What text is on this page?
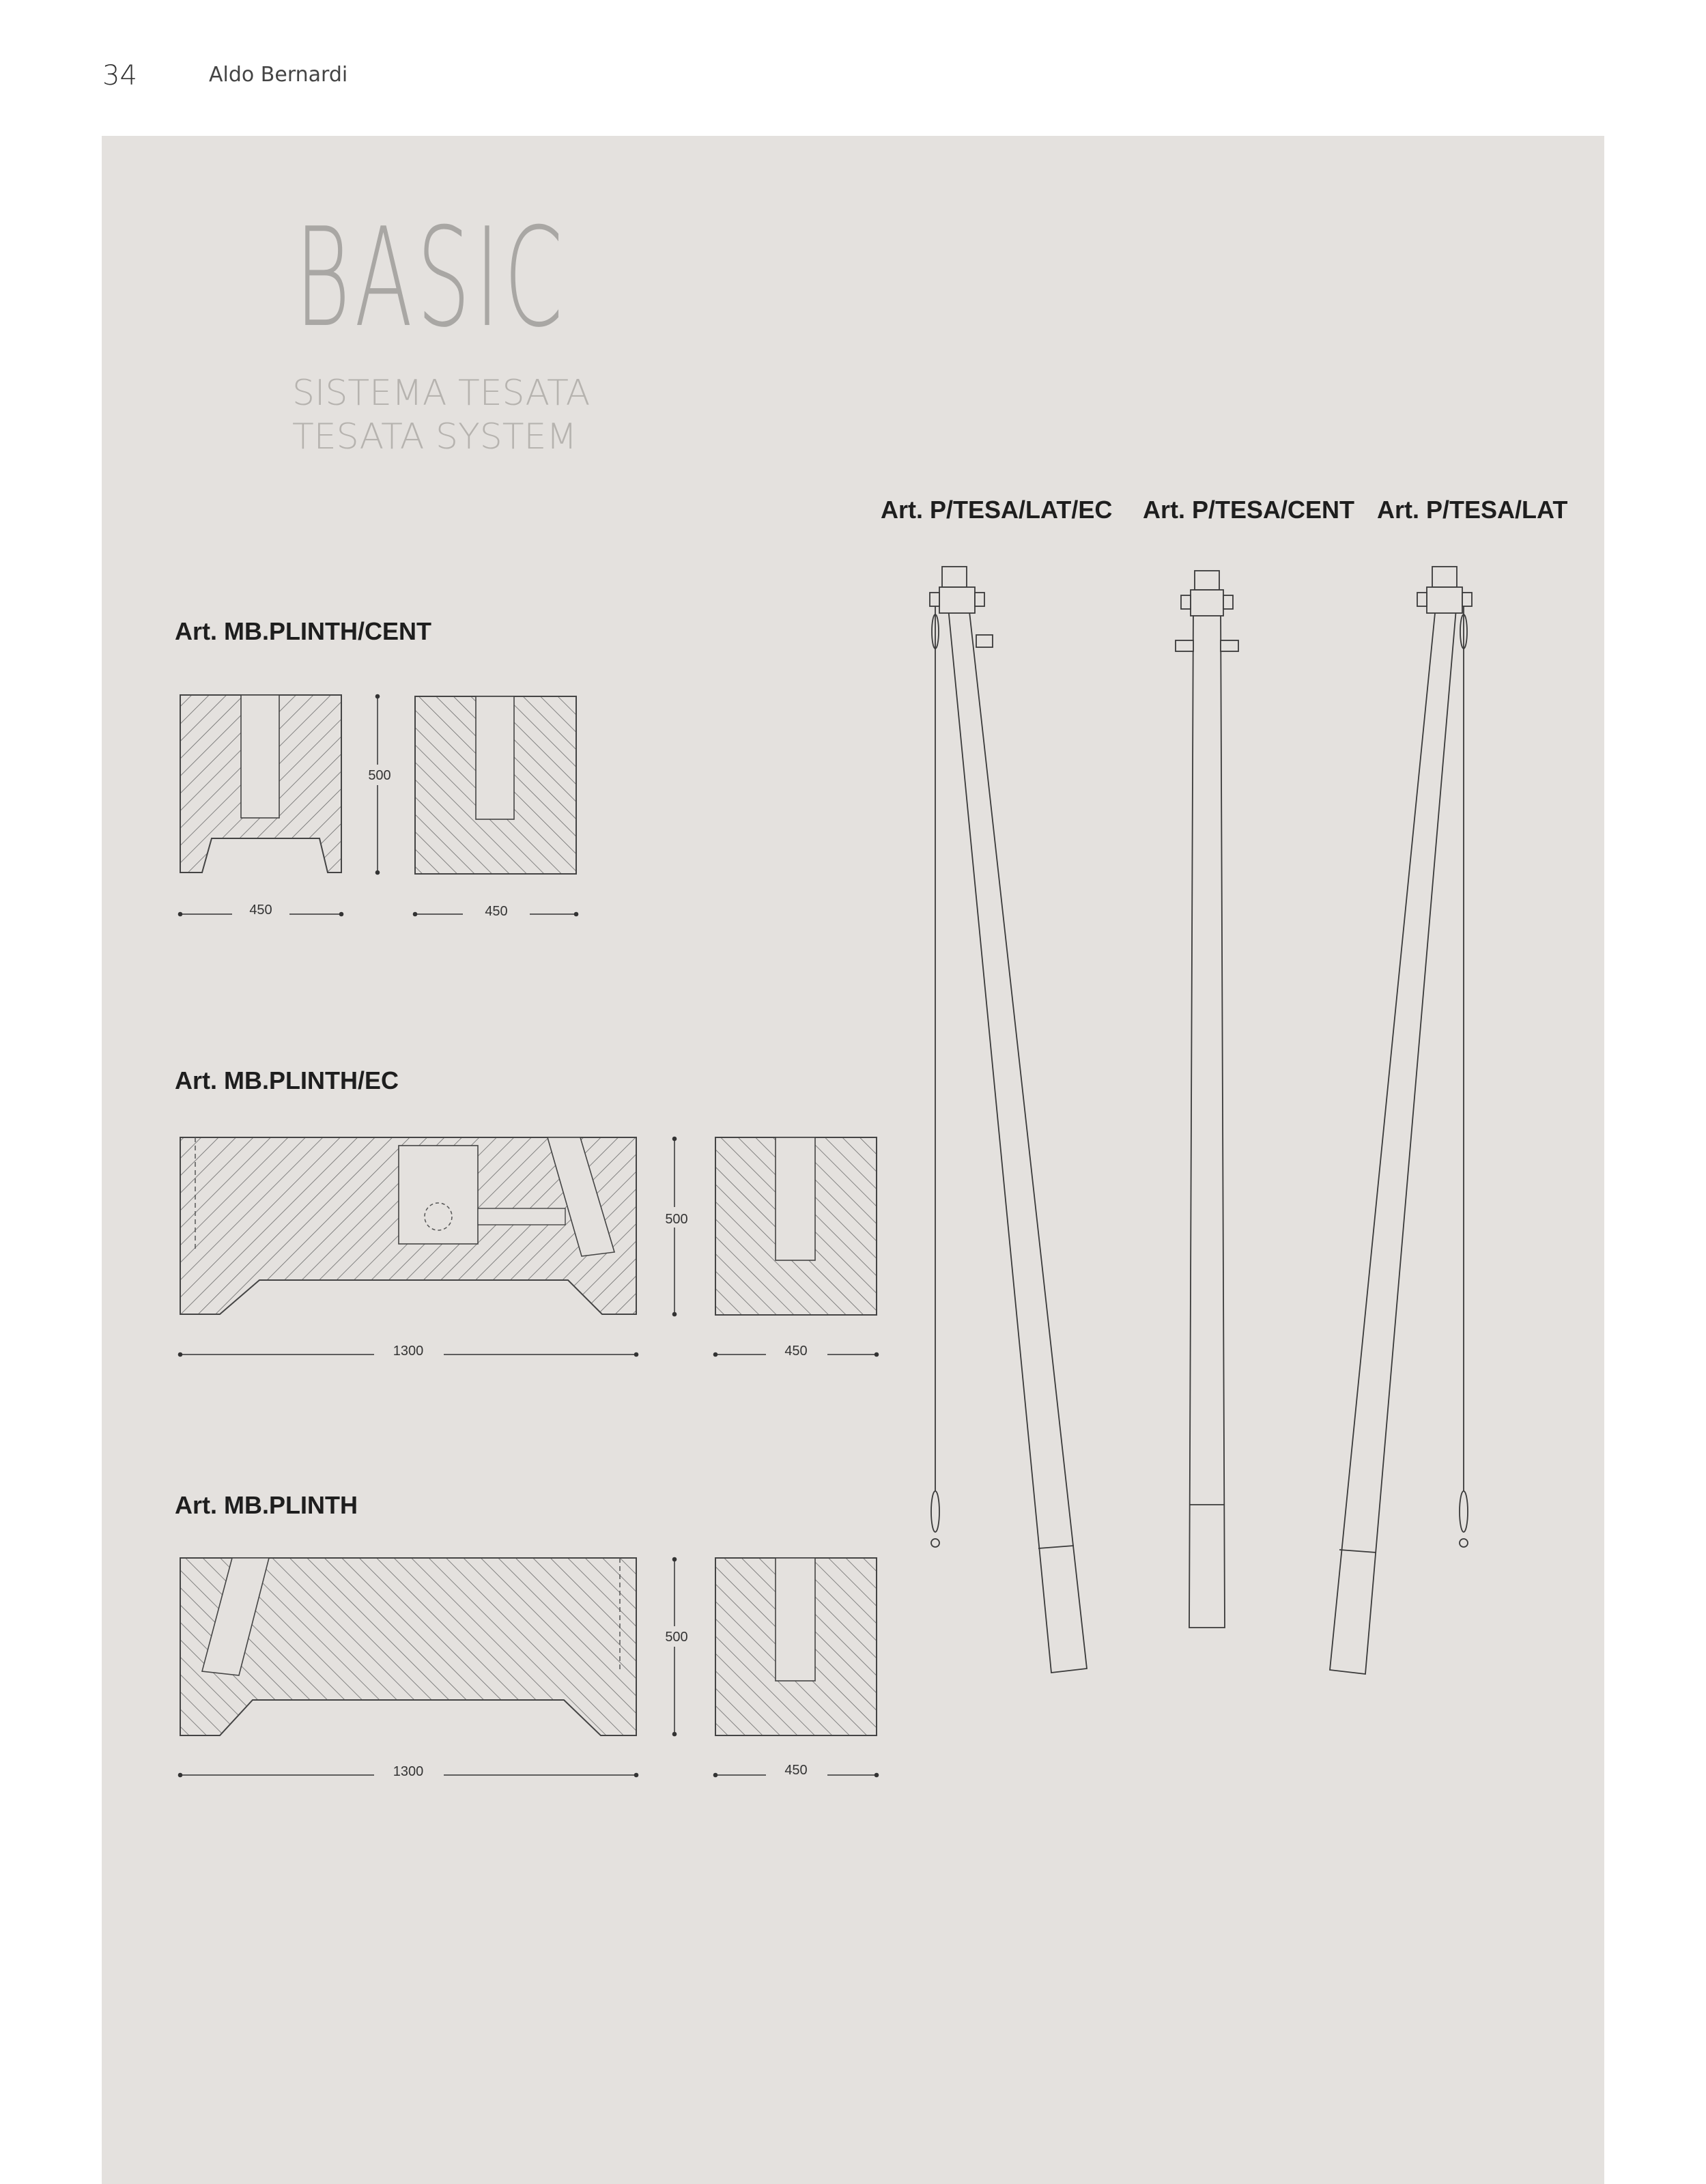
34	Aldo Bernardi
BASIC
SISTEMA TESATA
TESATA SYSTEM
Art. P/TESA/LAT/EC Art. P/TESA/CENT Art. P/TESA/LAT
Art. MB.PLINTH/CENT
Art. MB.PLINTH/EC
Art. MB.PLINTH
500
450	450
500
1300	450
500
1300	450
